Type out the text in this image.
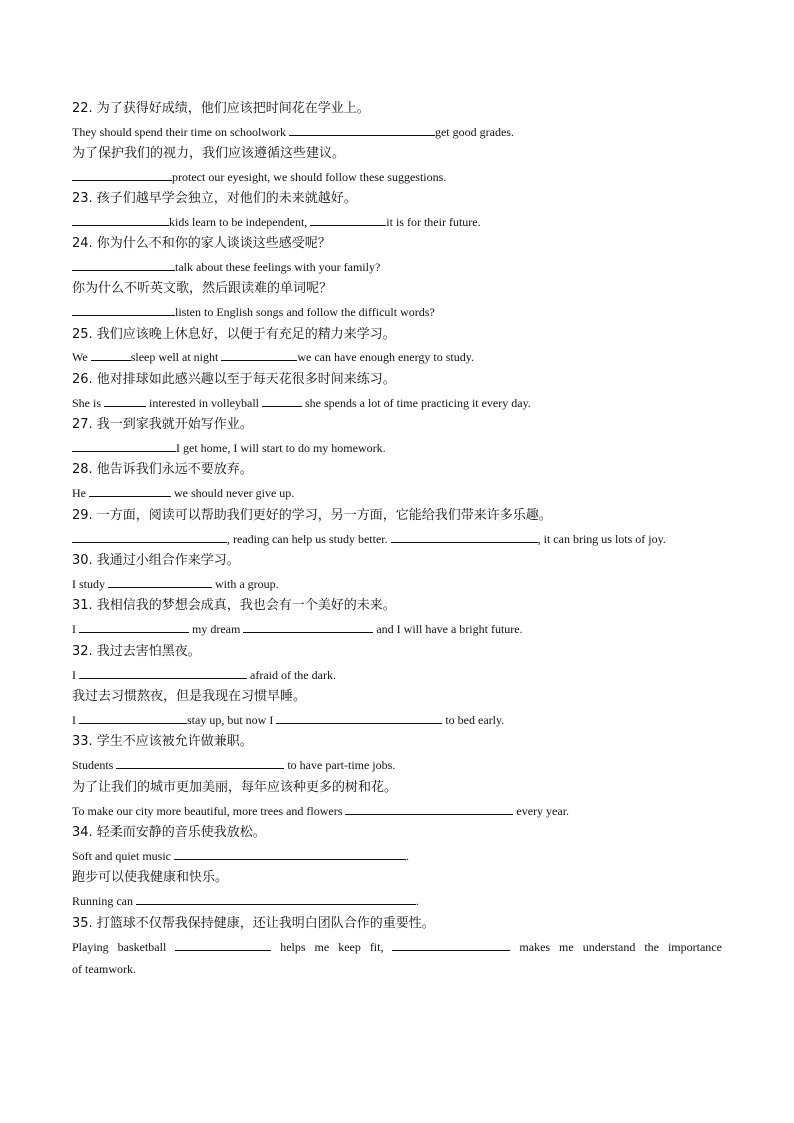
22. 为了获得好成绩，他们应该把时间花在学业上。
They should spend their time on schoolwork	get good grades.
为了保护我们的视力，我们应该遵循这些建议。
protect our eyesight, we should follow these suggestions.
23. 孩子们越早学会独立，对他们的未来就越好。
kids learn to be independent,	it is for their future.
24. 你为什么不和你的家人谈谈这些感受呢？
talk about these feelings with your family?
你为什么不听英文歌，然后跟读难的单词呢？
listen to English songs and follow the difficult words?
25. 我们应该晚上休息好，以便于有充足的精力来学习。
We	sleep well at night	we can have enough energy to study.
26. 他对排球如此感兴趣以至于每天花很多时间来练习。
She is	interested in volleyball	she spends a lot of time practicing it every day.
27. 我一到家我就开始写作业。
I get home, I will start to do my homework.
28. 他告诉我们永远不要放弃。
He	we should never give up.
29. 一方面，阅读可以帮助我们更好的学习，另一方面，它能给我们带来许多乐趣。
, reading can help us study better.	, it can bring us lots of joy.
30. 我通过小组合作来学习。
I study	with a group.
31. 我相信我的梦想会成真，我也会有一个美好的未来。
I	my dream	and I will have a bright future.
32. 我过去害怕黑夜。
I	afraid of the dark.
我过去习惯熬夜，但是我现在习惯早睡。
I	stay up, but now I	to bed early.
33. 学生不应该被允许做兼职。
Students	to have part-time jobs.
为了让我们的城市更加美丽，每年应该种更多的树和花。
To make our city more beautiful, more trees and flowers	every year.
34. 轻柔而安静的音乐使我放松。
Soft and quiet music	.
跑步可以使我健康和快乐。
Running can	.
35. 打篮球不仅帮我保持健康，还让我明白团队合作的重要性。
Playing basketball	helps me keep fit,	makes me understand the importance
of teamwork.
